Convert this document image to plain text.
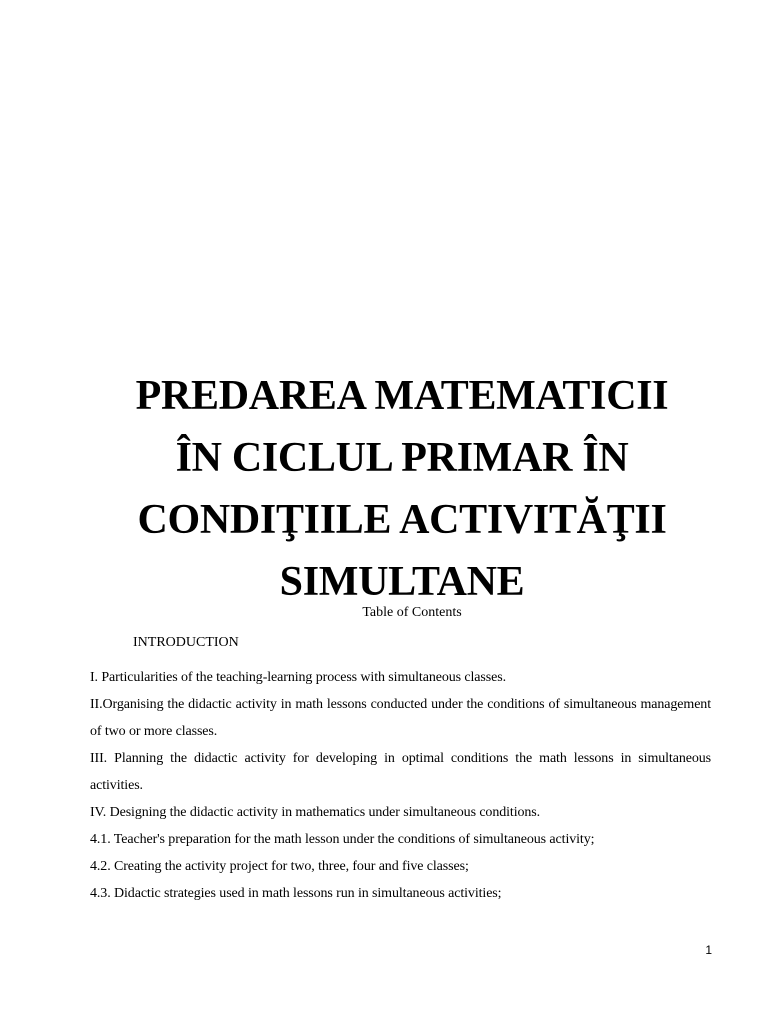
PREDAREA MATEMATICII
ÎN CICLUL PRIMAR ÎN
CONDIŢIILE ACTIVITĂŢII
SIMULTANE
Table of Contents
INTRODUCTION
I. Particularities of the teaching-learning process with simultaneous classes.
II.Organising the didactic activity in math lessons conducted under the conditions of simultaneous management of two or more classes.
III. Planning the didactic activity for developing in optimal conditions the math lessons in simultaneous activities.
IV. Designing the didactic activity in mathematics under simultaneous conditions.
4.1. Teacher's preparation for the math lesson under the conditions of simultaneous activity;
4.2. Creating the activity project for two, three, four and five classes;
4.3. Didactic strategies used in math lessons run in simultaneous activities;
1
